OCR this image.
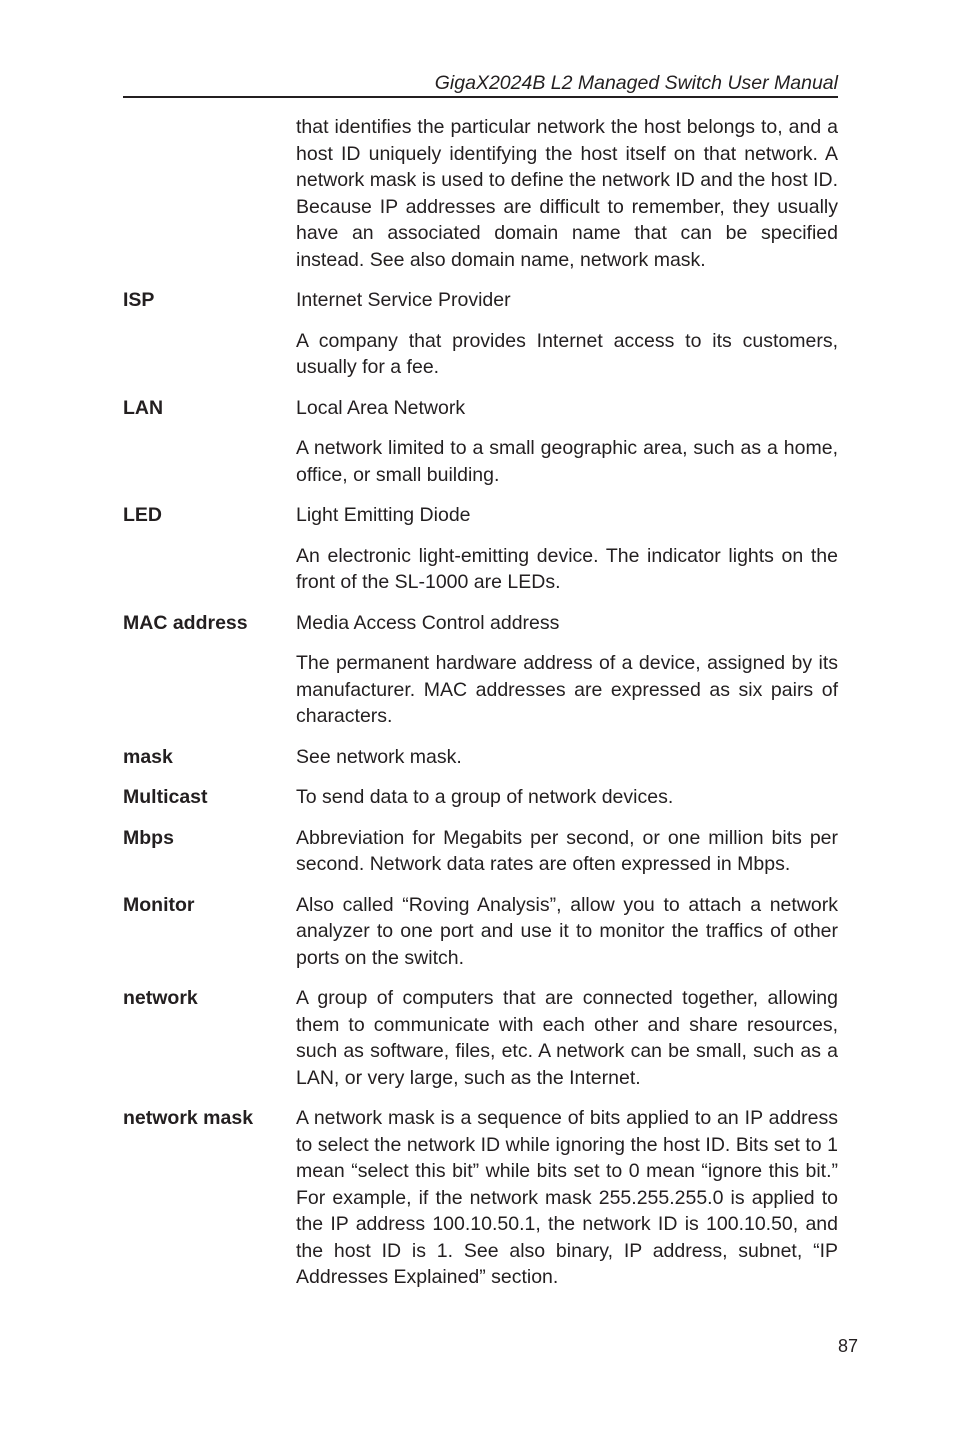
GigaX2024B L2 Managed Switch User Manual

that identifies the particular network the host belongs to, and a host ID uniquely identifying the host itself on that network. A network mask is used to define the network ID and the host ID. Because IP addresses are difficult to remember, they usually have an associated domain name that can be specified instead. See also domain name, network mask.

ISP	Internet Service Provider

A company that provides Internet access to its customers, usually for a fee.

LAN	Local Area Network

A network limited to a small geographic area, such as a home, office, or small building.

LED	Light Emitting Diode

An electronic light-emitting device. The indicator lights on the front of the SL-1000 are LEDs.

MAC address	Media Access Control address

The permanent hardware address of a device, assigned by its manufacturer. MAC addresses are expressed as six pairs of characters.

mask	See network mask.

Multicast	To send data to a group of network devices.

Mbps	Abbreviation for Megabits per second, or one million bits per second. Network data rates are often expressed in Mbps.

Monitor	Also called “Roving Analysis”, allow you to attach a network analyzer to one port and use it to monitor the traffics of other ports on the switch.

network	A group of computers that are connected together, allowing them to communicate with each other and share resources, such as software, files, etc. A network can be small, such as a LAN, or very large, such as the Internet.

network mask	A network mask is a sequence of bits applied to an IP address to select the network ID while ignoring the host ID. Bits set to 1 mean “select this bit” while bits set to 0 mean “ignore this bit.” For example, if the network mask 255.255.255.0 is applied to the IP address 100.10.50.1, the network ID is 100.10.50, and the host ID is 1. See also binary, IP address, subnet, “IP Addresses Explained” section.

87
